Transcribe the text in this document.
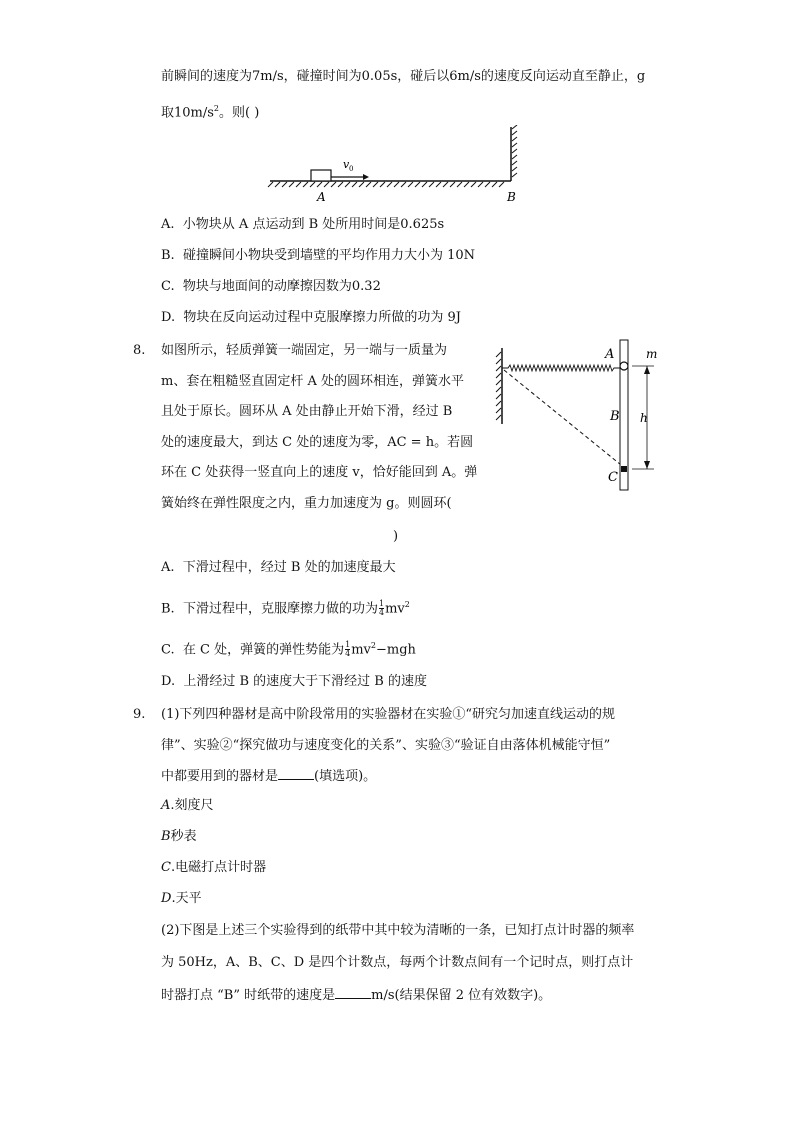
前瞬间的速度为7m/s，碰撞时间为0.05s，碰后以6m/s的速度反向运动直至静止，g
取$10m/s^2$。则( )
v 0
A	B
A. 小物块从 A 点运动到 B 处所用时间是0.625s
B. 碰撞瞬间小物块受到墙壁的平均作用力大小为 10N
C. 物块与地面间的动摩擦因数为0.32
D. 物块在反向运动过程中克服摩擦力所做的功为 9J
8. 如图所示，轻质弹簧一端固定，另一端与一质量为
m、套在粗糙竖直固定杆 A 处的圆环相连，弹簧水平
且处于原长。圆环从 A 处由静止开始下滑，经过 B
处的速度最大，到达 C 处的速度为零，AC = h。若圆
环在 C 处获得一竖直向上的速度 v，恰好能回到 A。弹
簧始终在弹性限度之内，重力加速度为 g。则圆环(
)
A	m
B h
C
A. 下滑过程中，经过 B 处的加速度最大
B. 下滑过程中，克服摩擦力做的功为 $\frac{1}{4} mv^2$
C. 在 C 处，弹簧的弹性势能为 $\frac{1}{4} mv^2-mgh$
D. 上滑经过 B 的速度大于下滑经过 B 的速度
9. (1)下列四种器材是高中阶段常用的实验器材在实验①“研究匀加速直线运动的规
律”、实验②“探究做功与速度变化的关系”、实验③“验证自由落体机械能守恒”
中都要用到的器材是	(填选项)。
A.刻度尺
B秒表
C.电磁打点计时器
D.天平
(2)下图是上述三个实验得到的纸带中其中较为清晰的一条，已知打点计时器的频率
为 50Hz，A、B、C、D 是四个计数点，每两个计数点间有一个记时点，则打点计
时器打点 “B” 时纸带的速度是	m/s(结果保留 2 位有效数字)。
